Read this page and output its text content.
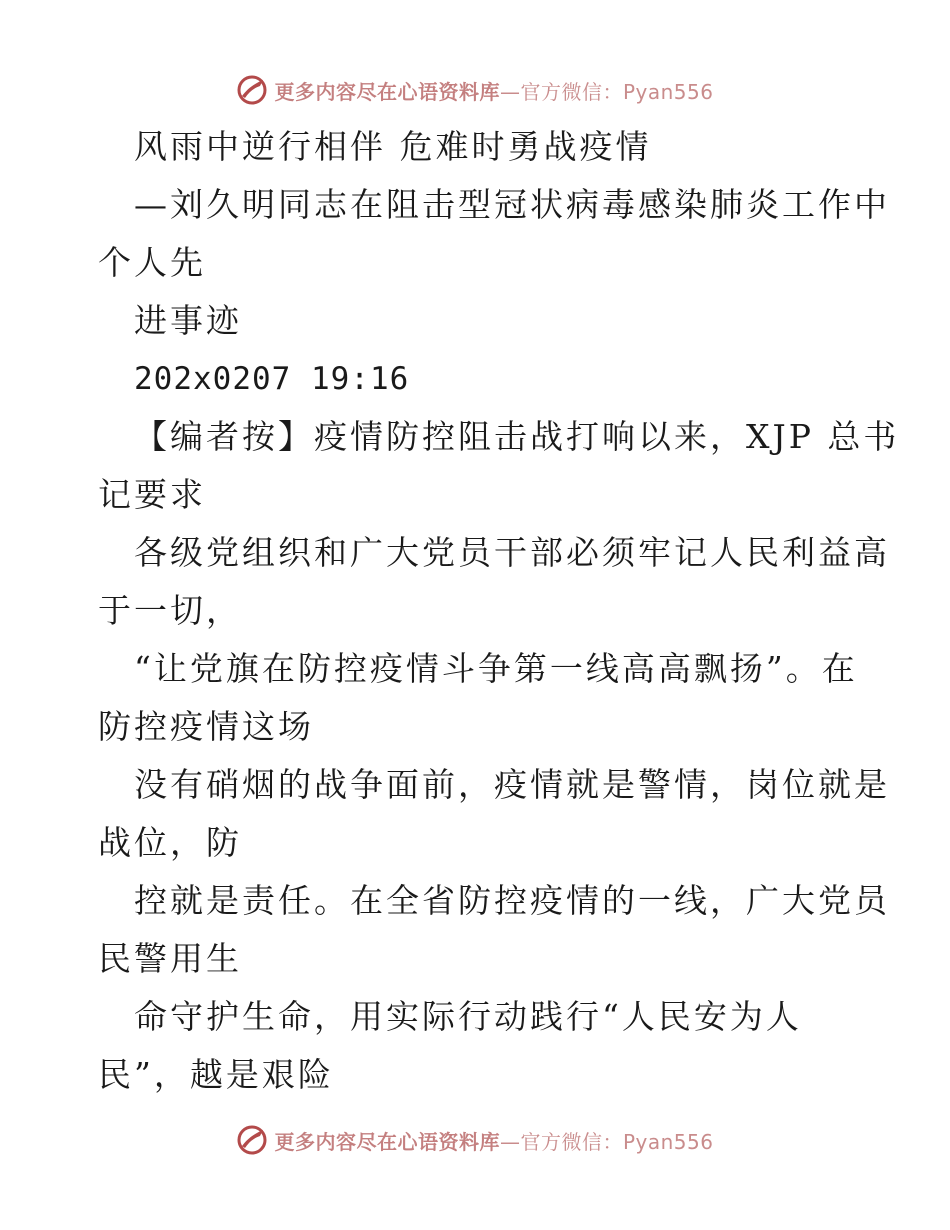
更多内容尽在心语资料库—官方微信：Pyan556
风雨中逆行相伴 危难时勇战疫情
—刘久明同志在阻击型冠状病毒感染肺炎工作中
个人先
进事迹
202x0207 19:16
【编者按】疫情防控阻击战打响以来，XJP 总书
记要求
各级党组织和广大党员干部必须牢记人民利益高
于一切，
“让党旗在防控疫情斗争第一线高高飘扬”。在
防控疫情这场
没有硝烟的战争面前，疫情就是警情，岗位就是
战位，防
控就是责任。在全省防控疫情的一线，广大党员
民警用生
命守护生命，用实际行动践行“人民安为人
民”，越是艰险
更多内容尽在心语资料库—官方微信：Pyan556
